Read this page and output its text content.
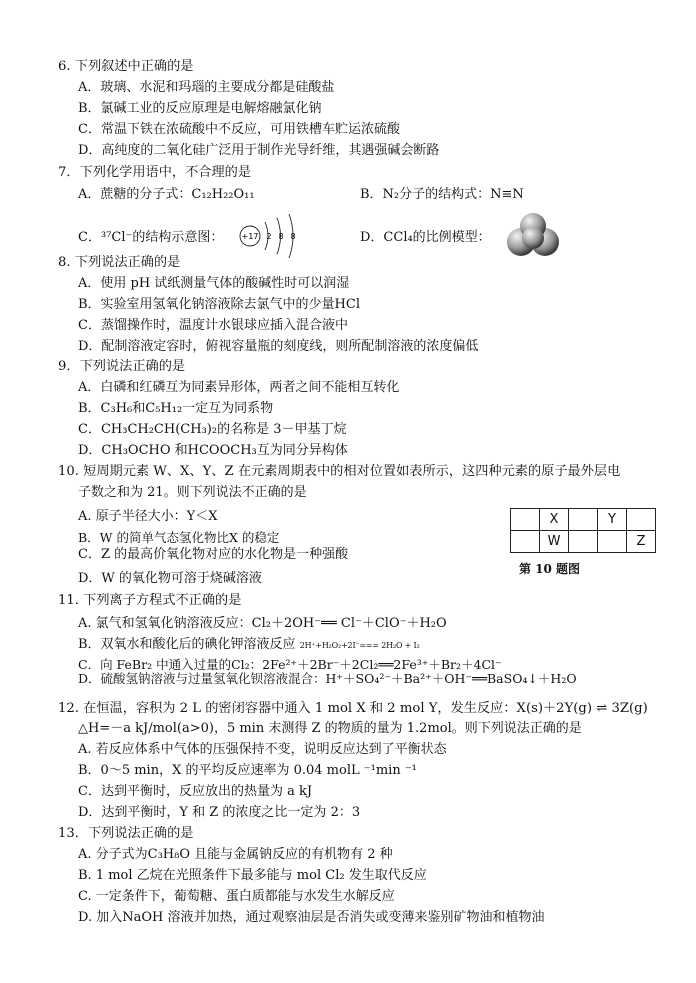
6. 下列叙述中正确的是
A．玻璃、水泥和玛瑙的主要成分都是硅酸盐
B．氯碱工业的反应原理是电解熔融氯化钠
C．常温下铁在浓硫酸中不反应，可用铁槽车贮运浓硫酸
D．高纯度的二氧化硅广泛用于制作光导纤维，其遇强碱会断路
7．下列化学用语中，不合理的是
A．蔗糖的分子式：C₁₂H₂₂O₁₁	B．N₂分子的结构式：N≡N
C．³⁷Cl⁻的结构示意图： +17 2 8 8	D．CCl₄的比例模型：
8. 下列说法正确的是
A．使用 pH 试纸测量气体的酸碱性时可以润湿
B．实验室用氢氧化钠溶液除去氯气中的少量HCl
C．蒸馏操作时，温度计水银球应插入混合液中
D．配制溶液定容时，俯视容量瓶的刻度线，则所配制溶液的浓度偏低
9．下列说法正确的是
A．白磷和红磷互为同素异形体，两者之间不能相互转化
B．C₃H₆和C₅H₁₂一定互为同系物
C．CH₃CH₂CH(CH₃)₂的名称是 3－甲基丁烷
D．CH₃OCHO 和HCOOCH₃互为同分异构体
10. 短周期元素 W、X、Y、Z 在元素周期表中的相对位置如表所示，这四种元素的原子最外层电
子数之和为 21。则下列说法不正确的是
A. 原子半径大小：Y＜X
B．W 的简单气态氢化物比X 的稳定
C．Z 的最高价氧化物对应的水化物是一种强酸
D．W 的氧化物可溶于烧碱溶液
	X		Y	
	W			Z
第 10 题图
11. 下列离子方程式不正确的是
A. 氯气和氢氧化钠溶液反应：Cl₂＋2OH⁻══ Cl⁻＋ClO⁻＋H₂O
B．双氧水和酸化后的碘化钾溶液反应 2H⁺+H₂O₂+2I⁻=== 2H₂O + I₂
C．向 FeBr₂ 中通入过量的Cl₂：2Fe²⁺＋2Br⁻＋2Cl₂══2Fe³⁺＋Br₂＋4Cl⁻
D．硫酸氢钠溶液与过量氢氧化钡溶液混合：H⁺＋SO₄²⁻＋Ba²⁺＋OH⁻══BaSO₄↓＋H₂O
12. 在恒温，容积为 2 L 的密闭容器中通入 1 mol X 和 2 mol Y，发生反应：X(s)＋2Y(g) ⇌ 3Z(g)
△H=－a kJ/mol(a>0)，5 min 末测得 Z 的物质的量为 1.2mol。则下列说法正确的是
A. 若反应体系中气体的压强保持不变，说明反应达到了平衡状态
B．0～5 min，X 的平均反应速率为 0.04 molL ⁻¹min ⁻¹
C．达到平衡时，反应放出的热量为 a kJ
D．达到平衡时，Y 和 Z 的浓度之比一定为 2：3
13．下列说法正确的是
A. 分子式为C₃H₈O 且能与金属钠反应的有机物有 2 种
B. 1 mol 乙烷在光照条件下最多能与 mol Cl₂ 发生取代反应
C. 一定条件下，葡萄糖、蛋白质都能与水发生水解反应
D. 加入NaOH 溶液并加热，通过观察油层是否消失或变薄来鉴别矿物油和植物油
